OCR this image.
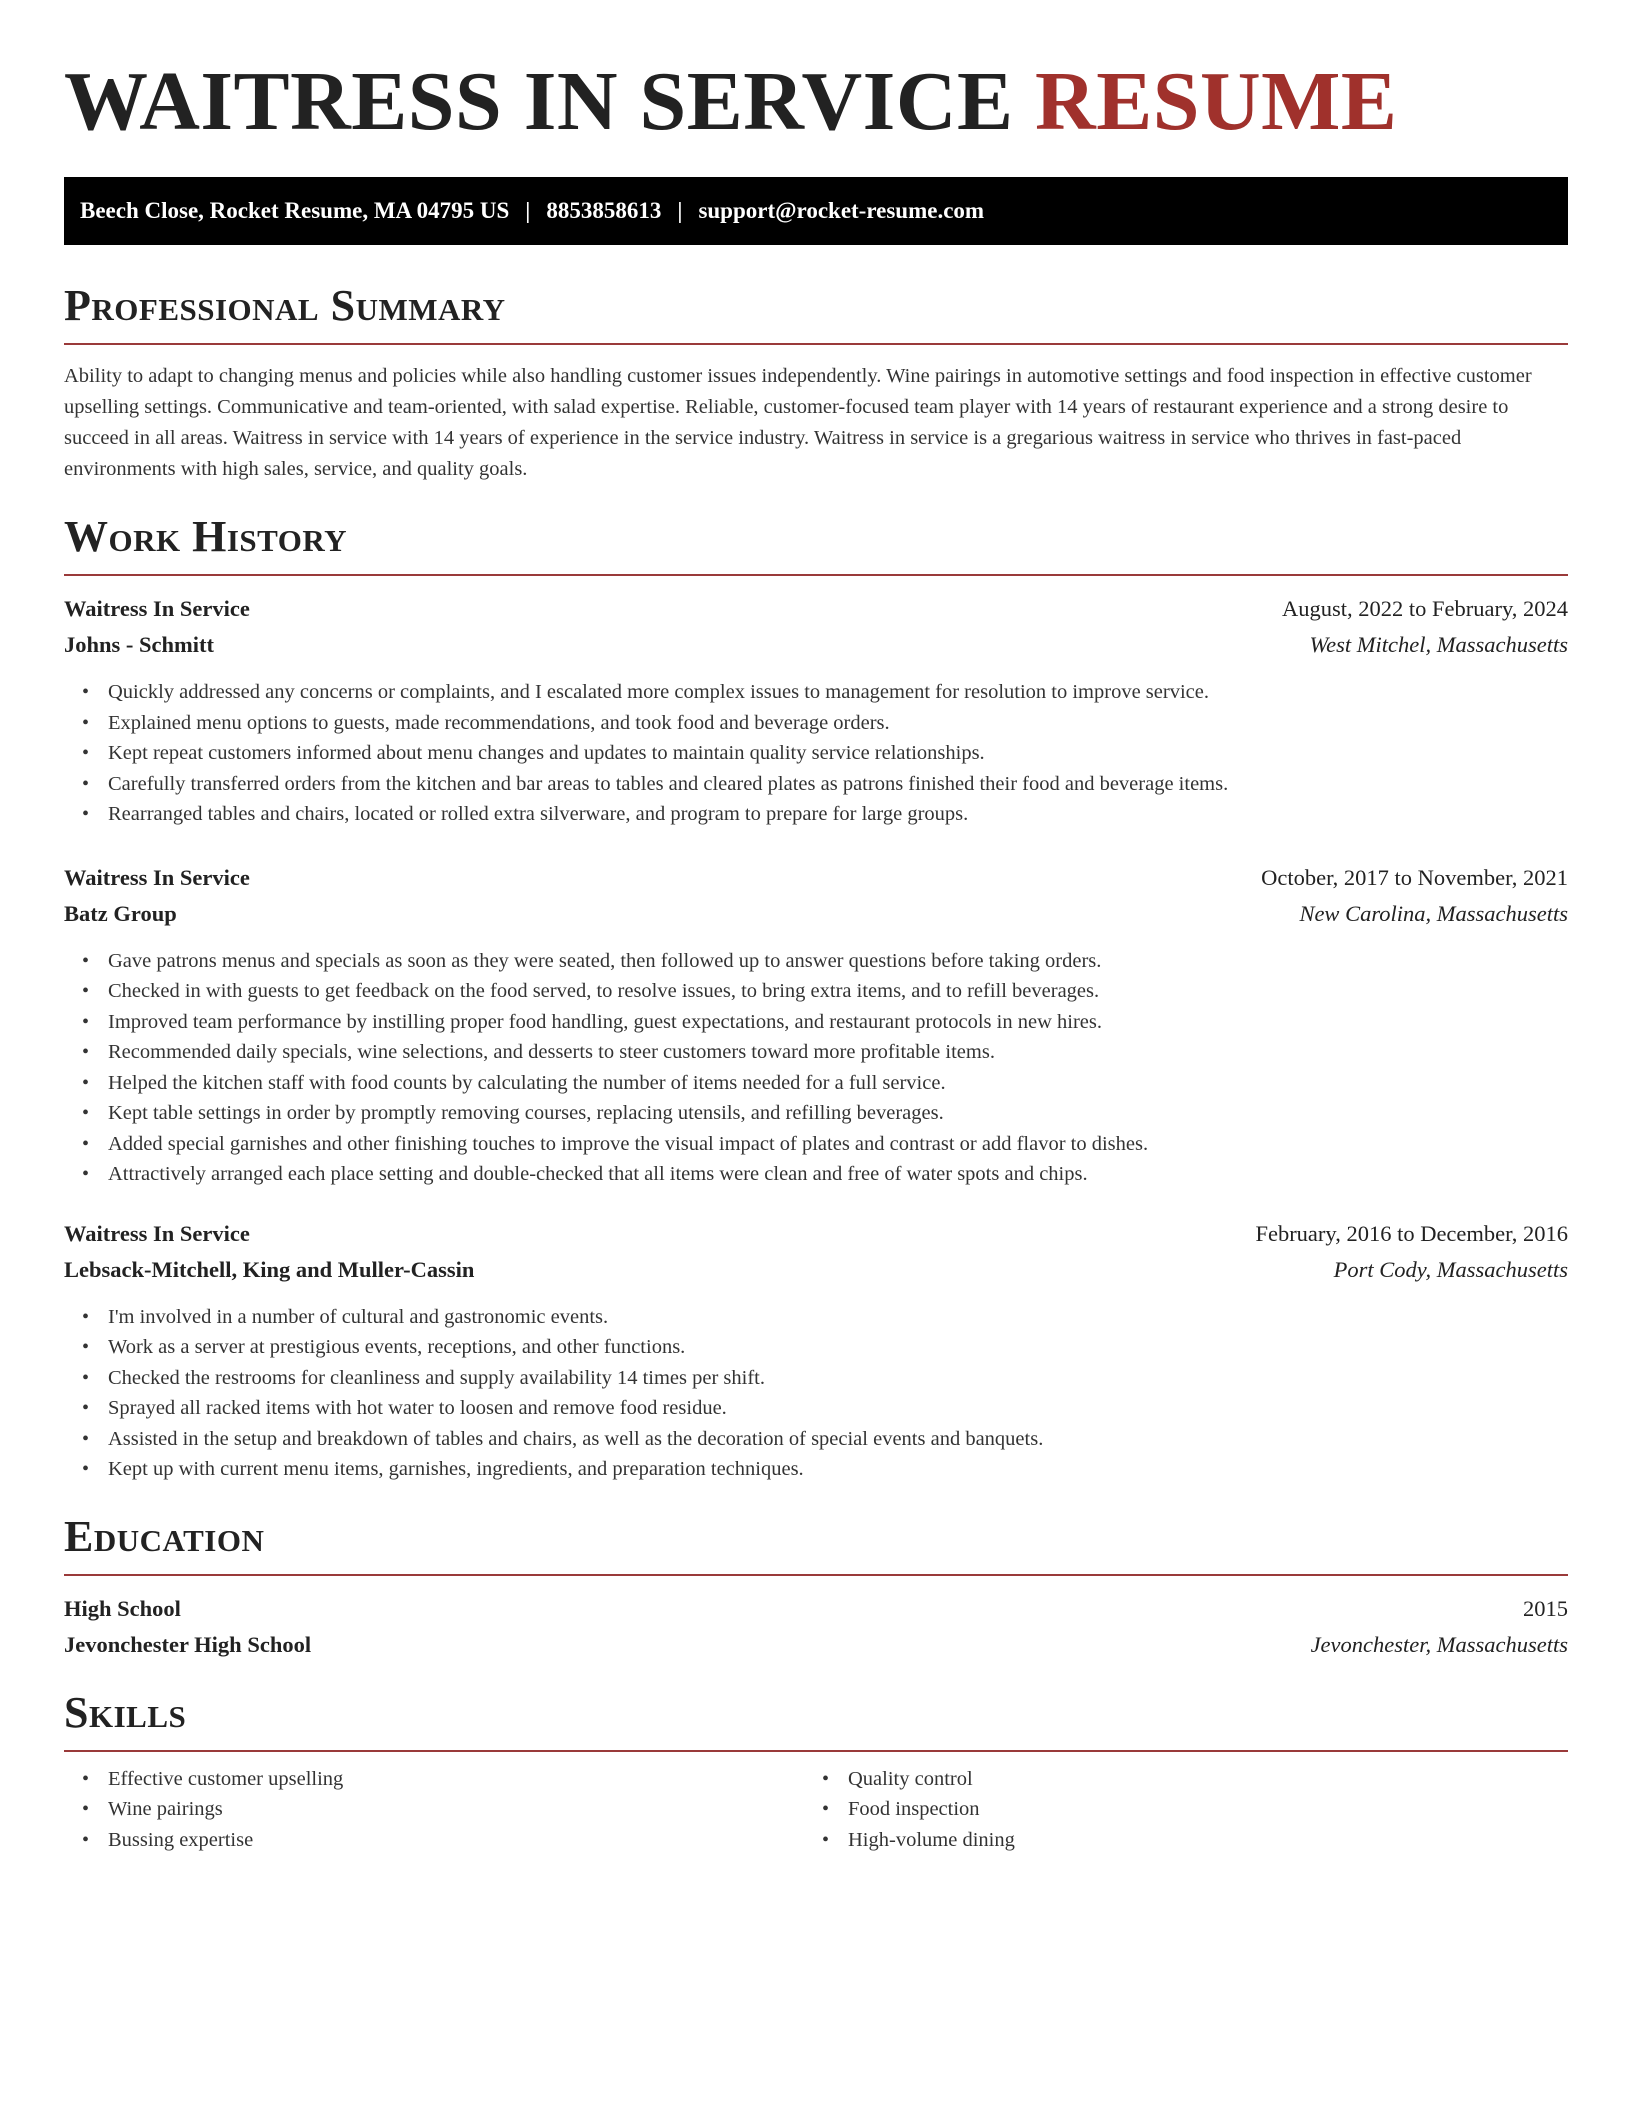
WAITRESS IN SERVICE RESUME
Beech Close, Rocket Resume, MA 04795 US | 8853858613 | support@rocket-resume.com
Professional Summary

Ability to adapt to changing menus and policies while also handling customer issues independently. Wine pairings in automotive settings and food inspection in effective customer upselling settings. Communicative and team-oriented, with salad expertise. Reliable, customer-focused team player with 14 years of restaurant experience and a strong desire to succeed in all areas. Waitress in service with 14 years of experience in the service industry. Waitress in service is a gregarious waitress in service who thrives in fast-paced environments with high sales, service, and quality goals.

Work History
Waitress In Service	August, 2022 to February, 2024
Johns - Schmitt	West Mitchel, Massachusetts
• Quickly addressed any concerns or complaints, and I escalated more complex issues to management for resolution to improve service.
• Explained menu options to guests, made recommendations, and took food and beverage orders.
• Kept repeat customers informed about menu changes and updates to maintain quality service relationships.
• Carefully transferred orders from the kitchen and bar areas to tables and cleared plates as patrons finished their food and beverage items.
• Rearranged tables and chairs, located or rolled extra silverware, and program to prepare for large groups.
Waitress In Service	October, 2017 to November, 2021
Batz Group	New Carolina, Massachusetts
• Gave patrons menus and specials as soon as they were seated, then followed up to answer questions before taking orders.
• Checked in with guests to get feedback on the food served, to resolve issues, to bring extra items, and to refill beverages.
• Improved team performance by instilling proper food handling, guest expectations, and restaurant protocols in new hires.
• Recommended daily specials, wine selections, and desserts to steer customers toward more profitable items.
• Helped the kitchen staff with food counts by calculating the number of items needed for a full service.
• Kept table settings in order by promptly removing courses, replacing utensils, and refilling beverages.
• Added special garnishes and other finishing touches to improve the visual impact of plates and contrast or add flavor to dishes.
• Attractively arranged each place setting and double-checked that all items were clean and free of water spots and chips.
Waitress In Service	February, 2016 to December, 2016
Lebsack-Mitchell, King and Muller-Cassin	Port Cody, Massachusetts
• I'm involved in a number of cultural and gastronomic events.
• Work as a server at prestigious events, receptions, and other functions.
• Checked the restrooms for cleanliness and supply availability 14 times per shift.
• Sprayed all racked items with hot water to loosen and remove food residue.
• Assisted in the setup and breakdown of tables and chairs, as well as the decoration of special events and banquets.
• Kept up with current menu items, garnishes, ingredients, and preparation techniques.
Education
High School	2015
Jevonchester High School	Jevonchester, Massachusetts
Skills
• Effective customer upselling
• Wine pairings
• Bussing expertise
• Quality control
• Food inspection
• High-volume dining
